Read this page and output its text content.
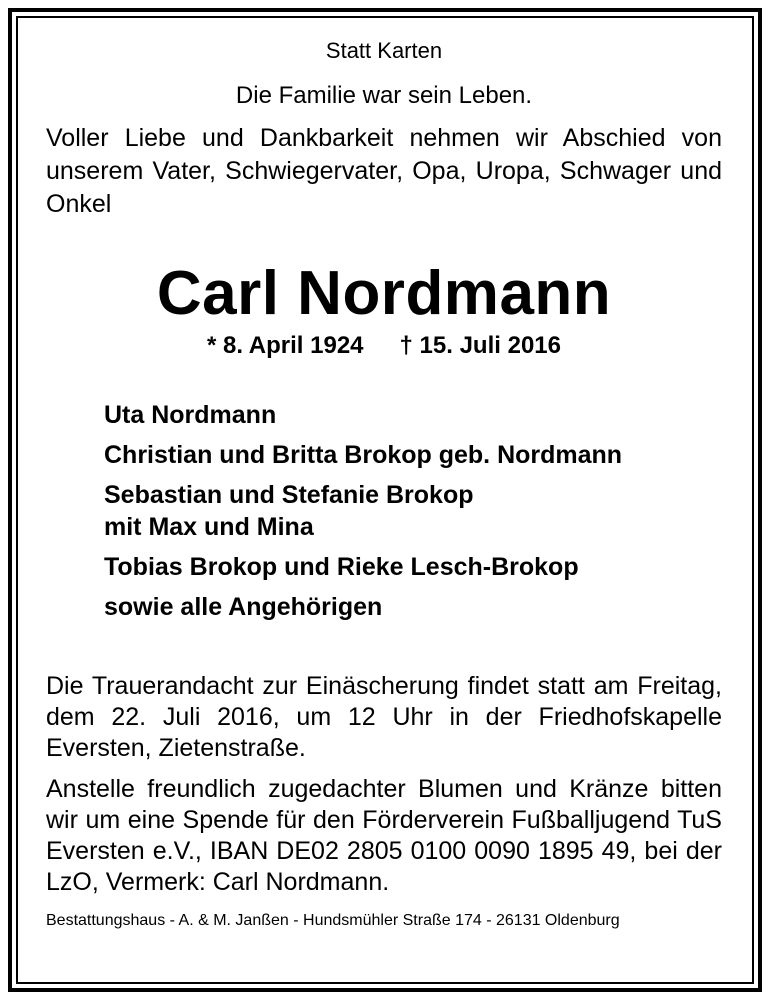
Statt Karten
Die Familie war sein Leben.
Voller Liebe und Dankbarkeit nehmen wir Abschied von unserem Vater, Schwiegervater, Opa, Uropa, Schwager und Onkel
Carl Nordmann
* 8. April 1924 † 15. Juli 2016
Uta Nordmann
Christian und Britta Brokop geb. Nordmann
Sebastian und Stefanie Brokop
mit Max und Mina
Tobias Brokop und Rieke Lesch-Brokop
sowie alle Angehörigen
Die Trauerandacht zur Einäscherung findet statt am Freitag, dem 22. Juli 2016, um 12 Uhr in der Friedhofskapelle Eversten, Zietenstraße.
Anstelle freundlich zugedachter Blumen und Kränze bitten wir um eine Spende für den Förderverein Fußballjugend TuS Eversten e.V., IBAN DE02 2805 0100 0090 1895 49, bei der LzO, Vermerk: Carl Nordmann.
Bestattungshaus - A. & M. Janßen - Hundsmühler Straße 174 - 26131 Oldenburg
